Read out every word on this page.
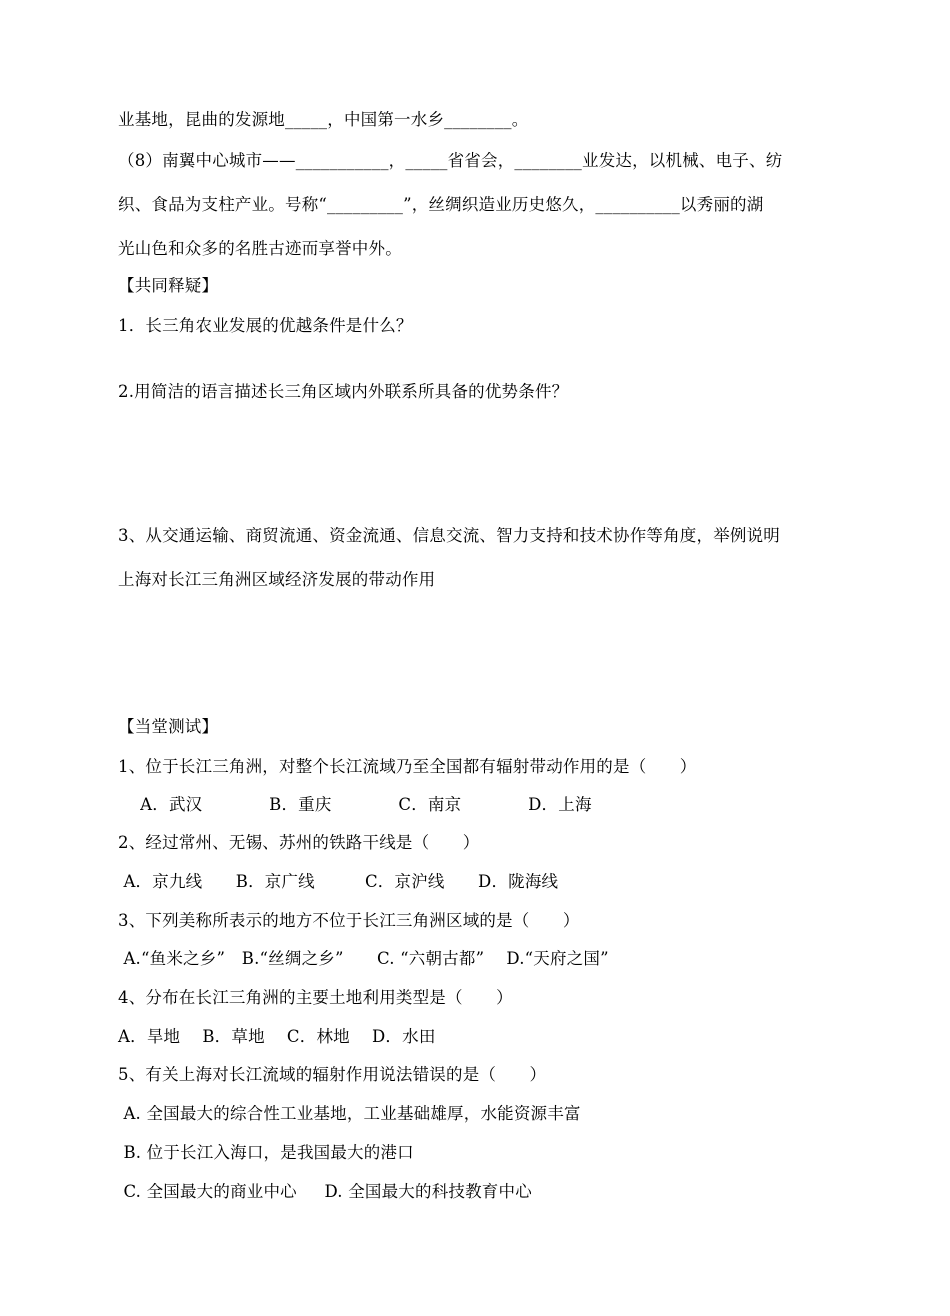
业基地，昆曲的发源地_____，中国第一水乡________。

（8）南翼中心城市——___________，_____省省会，________业发达，以机械、电子、纺

织、食品为支柱产业。号称“_________”，丝绸织造业历史悠久，__________以秀丽的湖

光山色和众多的名胜古迹而享誉中外。

【共同释疑】

1．长三角农业发展的优越条件是什么？

2.用简洁的语言描述长三角区域内外联系所具备的优势条件？

3、从交通运输、商贸流通、资金流通、信息交流、智力支持和技术协作等角度，举例说明

上海对长江三角洲区域经济发展的带动作用

【当堂测试】

1、位于长江三角洲，对整个长江流域乃至全国都有辐射带动作用的是（　　）

　 A．武汉　　　　B．重庆　　　　C．南京　　　　D．上海

2、经过常州、无锡、苏州的铁路干线是（　　）

A．京九线　　B．京广线　　　C．京沪线　　D．陇海线

3、下列美称所表示的地方不位于长江三角洲区域的是（　　）

A.“鱼米之乡”　B.“丝绸之乡”　　C. “六朝古都”　 D.“天府之国”

4、分布在长江三角洲的主要土地利用类型是（　　）

A．旱地　 B．草地　 C．林地　 D．水田

5、有关上海对长江流域的辐射作用说法错误的是（　　）

A. 全国最大的综合性工业基地，工业基础雄厚，水能资源丰富

B. 位于长江入海口，是我国最大的港口

C. 全国最大的商业中心　  D. 全国最大的科技教育中心
